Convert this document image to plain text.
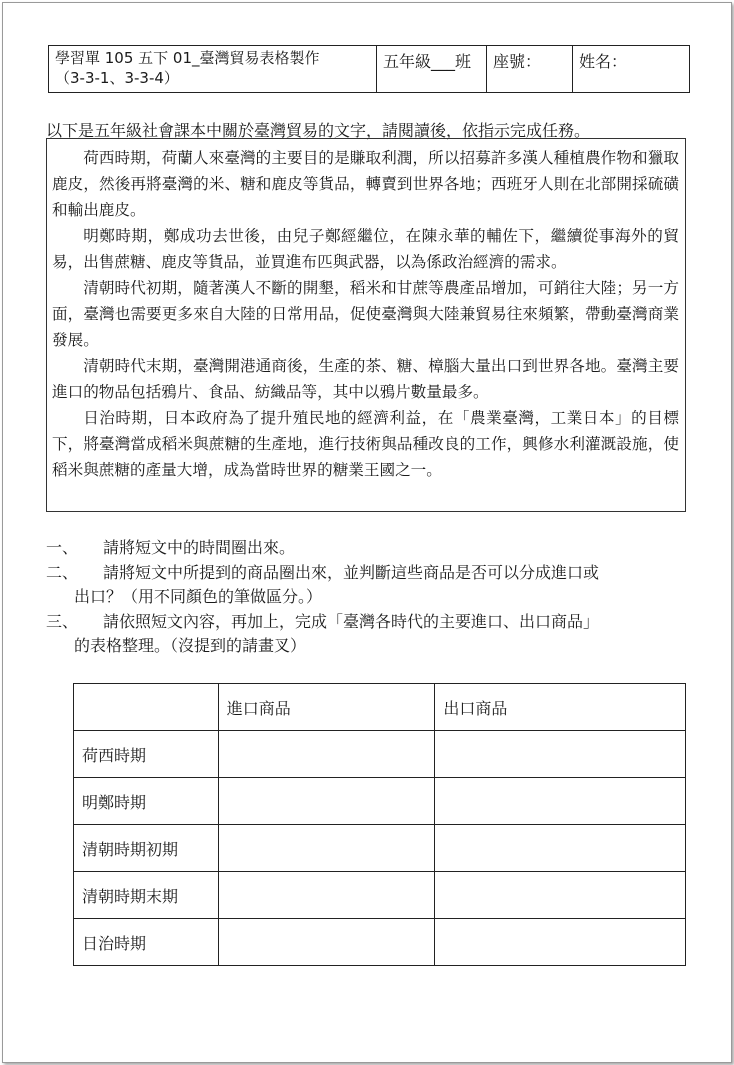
學習單 105 五下 01_臺灣貿易表格製作
（3-3-1、3-3-4）
五年級___班	座號：	姓名：
以下是五年級社會課本中關於臺灣貿易的文字，請閱讀後，依指示完成任務。

荷西時期，荷蘭人來臺灣的主要目的是賺取利潤，所以招募許多漢人種植農作物和獵取鹿皮，然後再將臺灣的米、糖和鹿皮等貨品，轉賣到世界各地；西班牙人則在北部開採硫磺和輸出鹿皮。

明鄭時期，鄭成功去世後，由兒子鄭經繼位，在陳永華的輔佐下，繼續從事海外的貿易，出售蔗糖、鹿皮等貨品，並買進布匹與武器，以為係政治經濟的需求。

清朝時代初期，隨著漢人不斷的開墾，稻米和甘蔗等農產品增加，可銷往大陸；另一方面，臺灣也需要更多來自大陸的日常用品，促使臺灣與大陸兼貿易往來頻繁，帶動臺灣商業發展。

清朝時代末期，臺灣開港通商後，生產的茶、糖、樟腦大量出口到世界各地。臺灣主要進口的物品包括鴉片、食品、紡織品等，其中以鴉片數量最多。

日治時期，日本政府為了提升殖民地的經濟利益，在「農業臺灣，工業日本」的目標下，將臺灣當成稻米與蔗糖的生產地，進行技術與品種改良的工作，興修水利灌溉設施，使稻米與蔗糖的產量大增，成為當時世界的糖業王國之一。

一、 請將短文中的時間圈出來。
二、 請將短文中所提到的商品圈出來，並判斷這些商品是否可以分成進口或
出口？（用不同顏色的筆做區分。）
三、 請依照短文內容，再加上，完成「臺灣各時代的主要進口、出口商品」
的表格整理。（沒提到的請畫叉）
	進口商品	出口商品
荷西時期		
明鄭時期		
清朝時期初期		
清朝時期末期		
日治時期		
